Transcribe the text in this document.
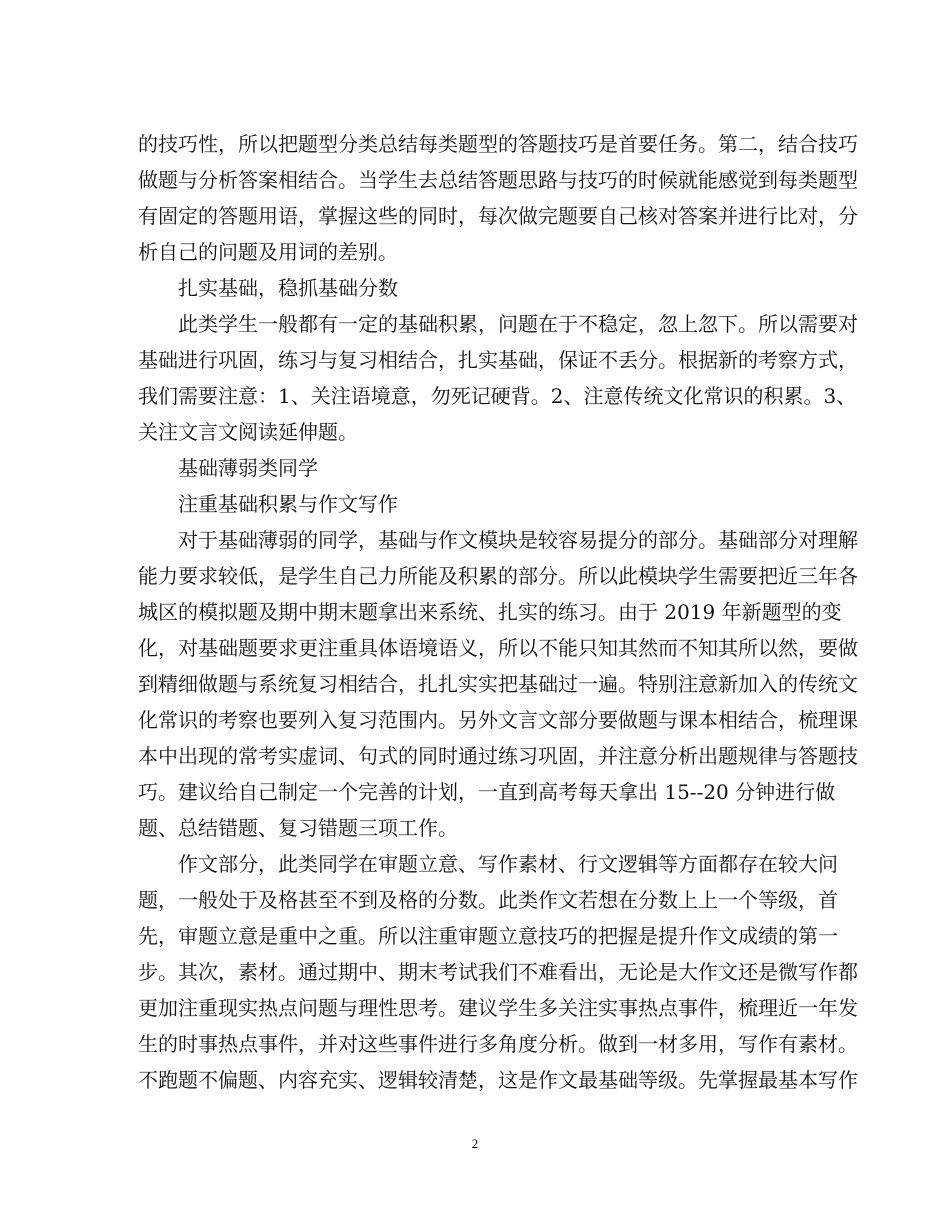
的技巧性，所以把题型分类总结每类题型的答题技巧是首要任务。第二，结合技巧
做题与分析答案相结合。当学生去总结答题思路与技巧的时候就能感觉到每类题型
有固定的答题用语，掌握这些的同时，每次做完题要自己核对答案并进行比对，分
析自己的问题及用词的差别。
扎实基础，稳抓基础分数
此类学生一般都有一定的基础积累，问题在于不稳定，忽上忽下。所以需要对
基础进行巩固，练习与复习相结合，扎实基础，保证不丢分。根据新的考察方式，
我们需要注意：1、关注语境意，勿死记硬背。2、注意传统文化常识的积累。3、
关注文言文阅读延伸题。
基础薄弱类同学
注重基础积累与作文写作
对于基础薄弱的同学，基础与作文模块是较容易提分的部分。基础部分对理解
能力要求较低，是学生自己力所能及积累的部分。所以此模块学生需要把近三年各
城区的模拟题及期中期末题拿出来系统、扎实的练习。由于 2019 年新题型的变
化，对基础题要求更注重具体语境语义，所以不能只知其然而不知其所以然，要做
到精细做题与系统复习相结合，扎扎实实把基础过一遍。特别注意新加入的传统文
化常识的考察也要列入复习范围内。另外文言文部分要做题与课本相结合，梳理课
本中出现的常考实虚词、句式的同时通过练习巩固，并注意分析出题规律与答题技
巧。建议给自己制定一个完善的计划，一直到高考每天拿出 15--20 分钟进行做
题、总结错题、复习错题三项工作。
作文部分，此类同学在审题立意、写作素材、行文逻辑等方面都存在较大问
题，一般处于及格甚至不到及格的分数。此类作文若想在分数上上一个等级，首
先，审题立意是重中之重。所以注重审题立意技巧的把握是提升作文成绩的第一
步。其次，素材。通过期中、期末考试我们不难看出，无论是大作文还是微写作都
更加注重现实热点问题与理性思考。建议学生多关注实事热点事件，梳理近一年发
生的时事热点事件，并对这些事件进行多角度分析。做到一材多用，写作有素材。
不跑题不偏题、内容充实、逻辑较清楚，这是作文最基础等级。先掌握最基本写作
2
